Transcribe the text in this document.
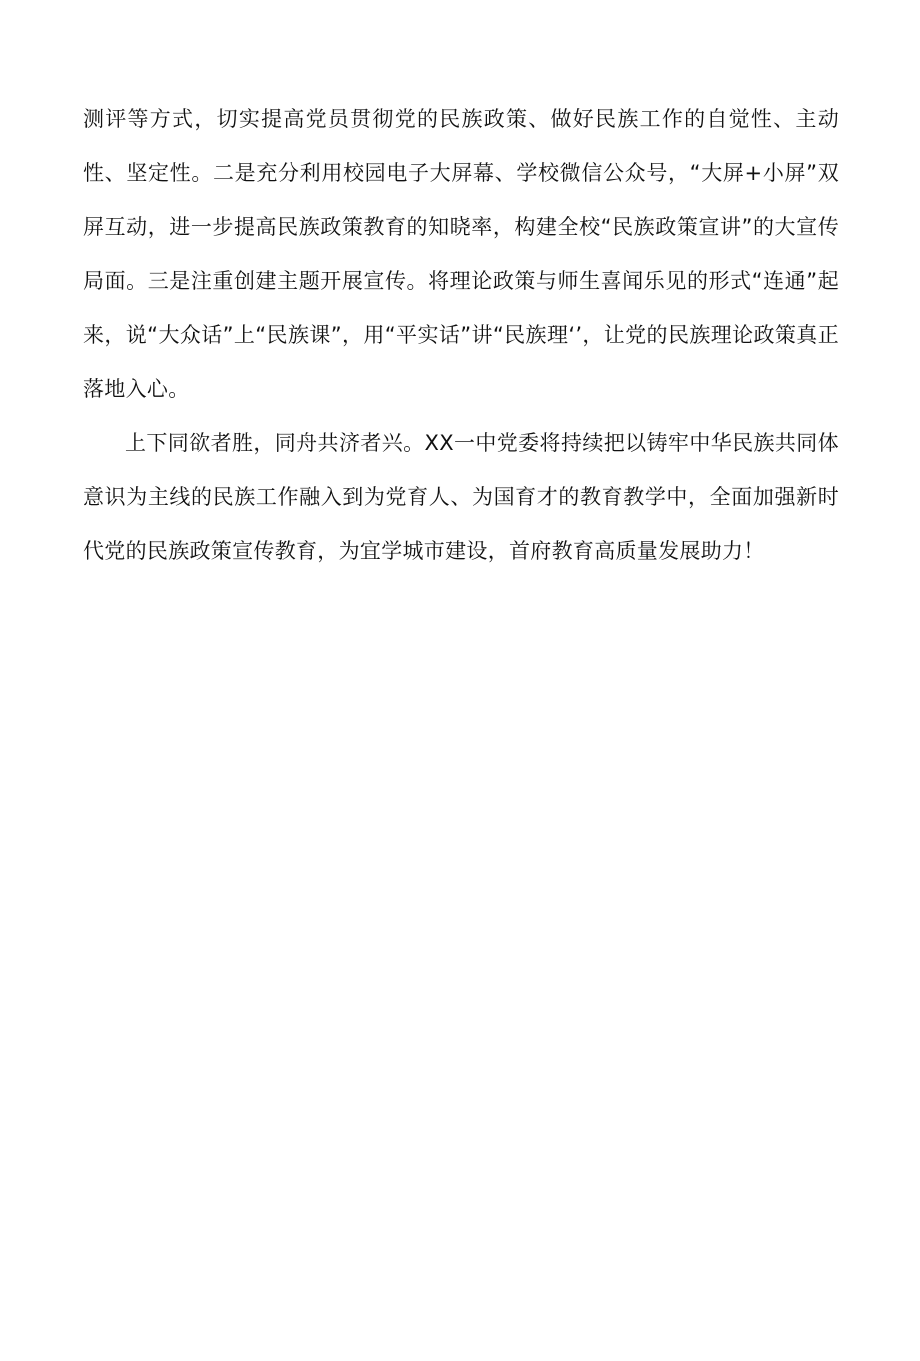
测评等方式，切实提高党员贯彻党的民族政策、做好民族工作的自觉性、主动性、坚定性。二是充分利用校园电子大屏幕、学校微信公众号，“大屏+小屏”双屏互动，进一步提高民族政策教育的知晓率，构建全校“民族政策宣讲”的大宣传局面。三是注重创建主题开展宣传。将理论政策与师生喜闻乐见的形式“连通”起来，说“大众话”上“民族课”，用“平实话”讲“民族理‘’，让党的民族理论政策真正落地入心。

上下同欲者胜，同舟共济者兴。XX一中党委将持续把以铸牢中华民族共同体意识为主线的民族工作融入到为党育人、为国育才的教育教学中，全面加强新时代党的民族政策宣传教育，为宜学城市建设，首府教育高质量发展助力！
